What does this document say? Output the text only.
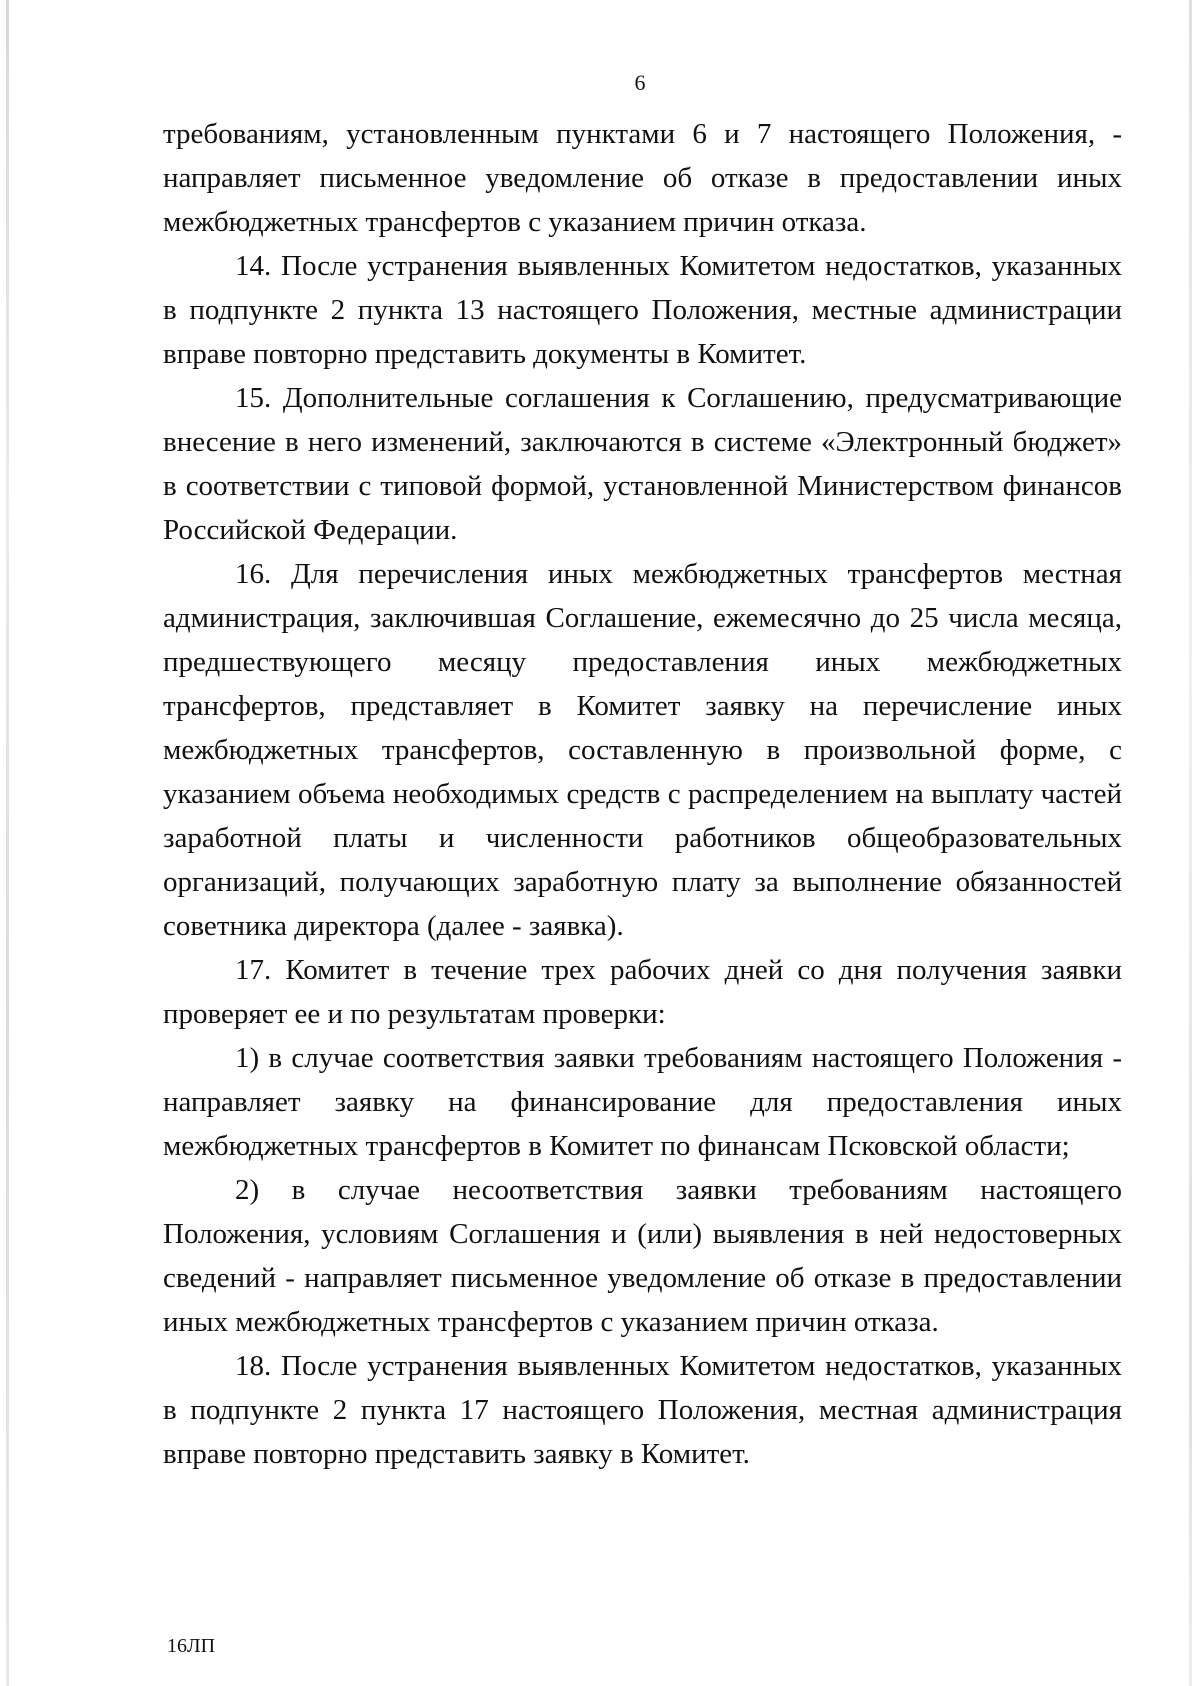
6

требованиям, установленным пунктами 6 и 7 настоящего Положения, - направляет письменное уведомление об отказе в предоставлении иных межбюджетных трансфертов с указанием причин отказа.

14. После устранения выявленных Комитетом недостатков, указанных в подпункте 2 пункта 13 настоящего Положения, местные администрации вправе повторно представить документы в Комитет.

15. Дополнительные соглашения к Соглашению, предусматривающие внесение в него изменений, заключаются в системе «Электронный бюджет» в соответствии с типовой формой, установленной Министерством финансов Российской Федерации.

16. Для перечисления иных межбюджетных трансфертов местная администрация, заключившая Соглашение, ежемесячно до 25 числа месяца, предшествующего месяцу предоставления иных межбюджетных трансфертов, представляет в Комитет заявку на перечисление иных межбюджетных трансфертов, составленную в произвольной форме, с указанием объема необходимых средств с распределением на выплату частей заработной платы и численности работников общеобразовательных организаций, получающих заработную плату за выполнение обязанностей советника директора (далее - заявка).

17. Комитет в течение трех рабочих дней со дня получения заявки проверяет ее и по результатам проверки:

1) в случае соответствия заявки требованиям настоящего Положения - направляет заявку на финансирование для предоставления иных межбюджетных трансфертов в Комитет по финансам Псковской области;

2) в случае несоответствия заявки требованиям настоящего Положения, условиям Соглашения и (или) выявления в ней недостоверных сведений - направляет письменное уведомление об отказе в предоставлении иных межбюджетных трансфертов с указанием причин отказа.

18. После устранения выявленных Комитетом недостатков, указанных в подпункте 2 пункта 17 настоящего Положения, местная администрация вправе повторно представить заявку в Комитет.

16ЛП
